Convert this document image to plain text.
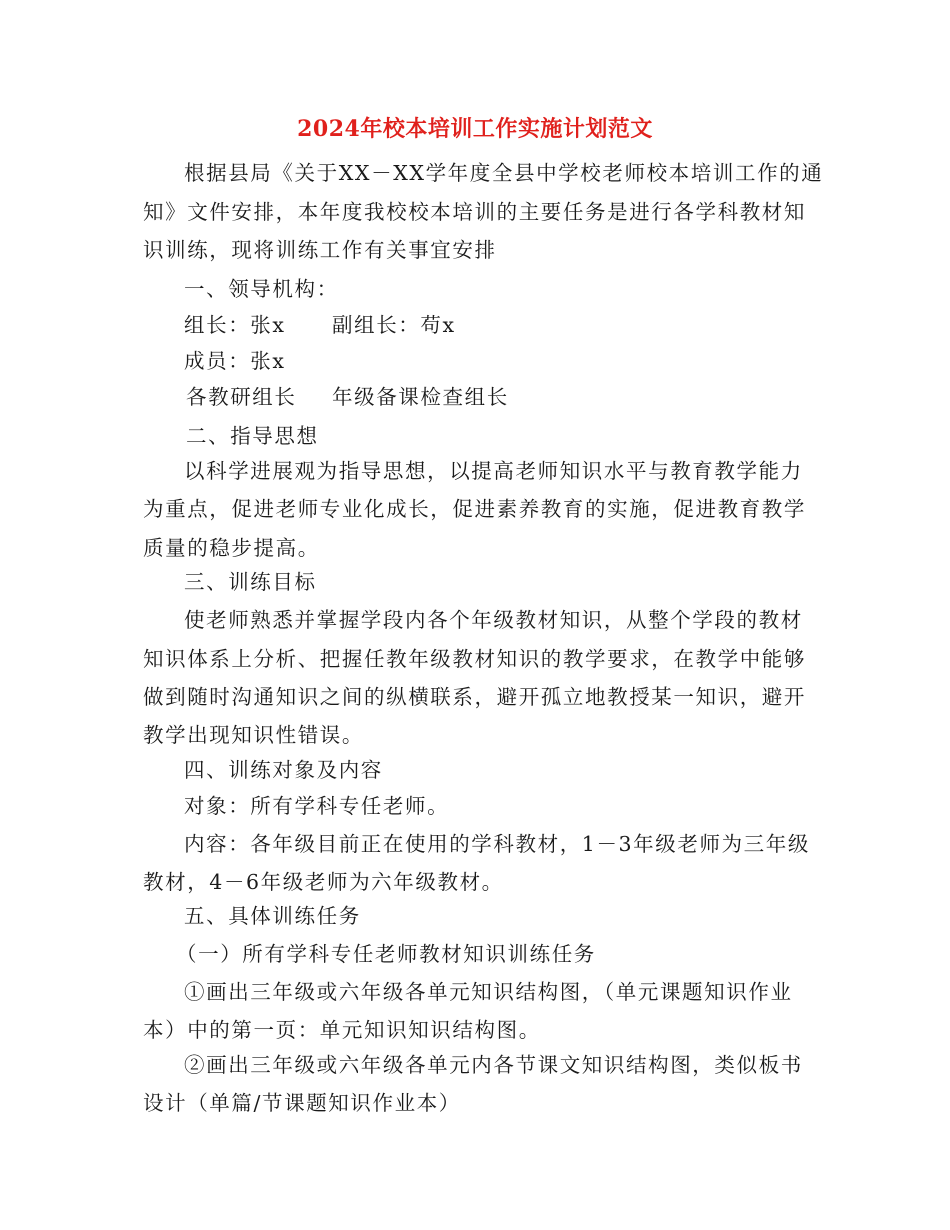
2024年校本培训工作实施计划范文
根据县局《关于XX－XX学年度全县中学校老师校本培训工作的通
知》文件安排，本年度我校校本培训的主要任务是进行各学科教材知
识训练，现将训练工作有关事宜安排
一、领导机构：
组长：张x 副组长：苟x
成员：张x
各教研组长 年级备课检查组长
二、指导思想
以科学进展观为指导思想，以提高老师知识水平与教育教学能力
为重点，促进老师专业化成长，促进素养教育的实施，促进教育教学
质量的稳步提高。
三、训练目标
使老师熟悉并掌握学段内各个年级教材知识，从整个学段的教材
知识体系上分析、把握任教年级教材知识的教学要求，在教学中能够
做到随时沟通知识之间的纵横联系，避开孤立地教授某一知识，避开
教学出现知识性错误。
四、训练对象及内容
对象：所有学科专任老师。
内容：各年级目前正在使用的学科教材，1－3年级老师为三年级
教材，4－6年级老师为六年级教材。
五、具体训练任务
（一）所有学科专任老师教材知识训练任务
①画出三年级或六年级各单元知识结构图，（单元课题知识作业
本）中的第一页：单元知识知识结构图。
②画出三年级或六年级各单元内各节课文知识结构图，类似板书
设计（单篇/节课题知识作业本）
